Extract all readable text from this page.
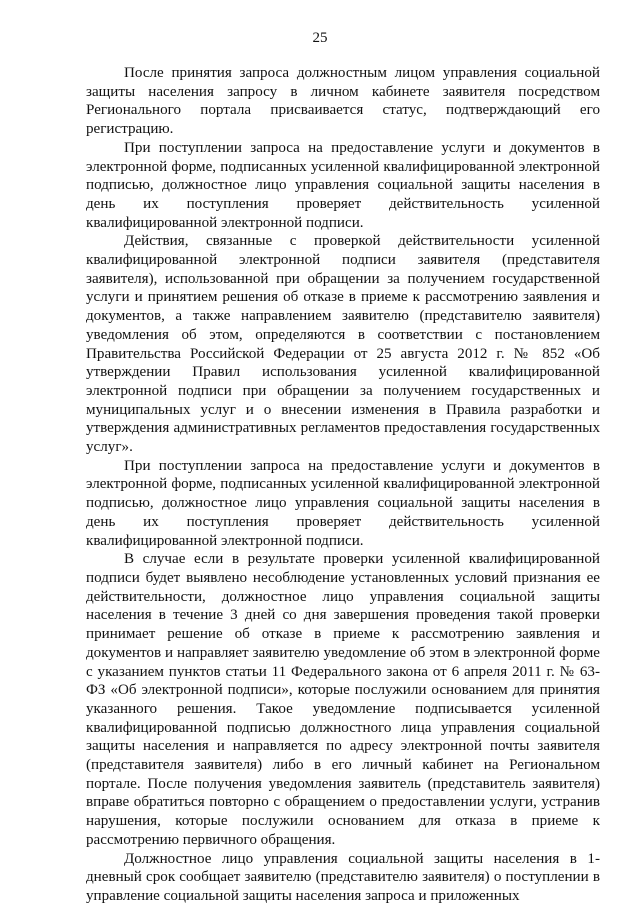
25

После принятия запроса должностным лицом управления социальной защиты населения запросу в личном кабинете заявителя посредством Регионального портала присваивается статус, подтверждающий его регистрацию.

При поступлении запроса на предоставление услуги и документов в электронной форме, подписанных усиленной квалифицированной электронной подписью, должностное лицо управления социальной защиты населения в день их поступления проверяет действительность усиленной квалифицированной электронной подписи.

Действия, связанные с проверкой действительности усиленной квалифицированной электронной подписи заявителя (представителя заявителя), использованной при обращении за получением государственной услуги и принятием решения об отказе в приеме к рассмотрению заявления и документов, а также направлением заявителю (представителю заявителя) уведомления об этом, определяются в соответствии с постановлением Правительства Российской Федерации от 25 августа 2012 г. № 852 «Об утверждении Правил использования усиленной квалифицированной электронной подписи при обращении за получением государственных и муниципальных услуг и о внесении изменения в Правила разработки и утверждения административных регламентов предоставления государственных услуг».

При поступлении запроса на предоставление услуги и документов в электронной форме, подписанных усиленной квалифицированной электронной подписью, должностное лицо управления социальной защиты населения в день их поступления проверяет действительность усиленной квалифицированной электронной подписи.

В случае если в результате проверки усиленной квалифицированной подписи будет выявлено несоблюдение установленных условий признания ее действительности, должностное лицо управления социальной защиты населения в течение 3 дней со дня завершения проведения такой проверки принимает решение об отказе в приеме к рассмотрению заявления и документов и направляет заявителю уведомление об этом в электронной форме с указанием пунктов статьи 11 Федерального закона от 6 апреля 2011 г. № 63-ФЗ «Об электронной подписи», которые послужили основанием для принятия указанного решения. Такое уведомление подписывается усиленной квалифицированной подписью должностного лица управления социальной защиты населения и направляется по адресу электронной почты заявителя (представителя заявителя) либо в его личный кабинет на Региональном портале. После получения уведомления заявитель (представитель заявителя) вправе обратиться повторно с обращением о предоставлении услуги, устранив нарушения, которые послужили основанием для отказа в приеме к рассмотрению первичного обращения.

Должностное лицо управления социальной защиты населения в 1-дневный срок сообщает заявителю (представителю заявителя) о поступлении в управление социальной защиты населения запроса и приложенных
